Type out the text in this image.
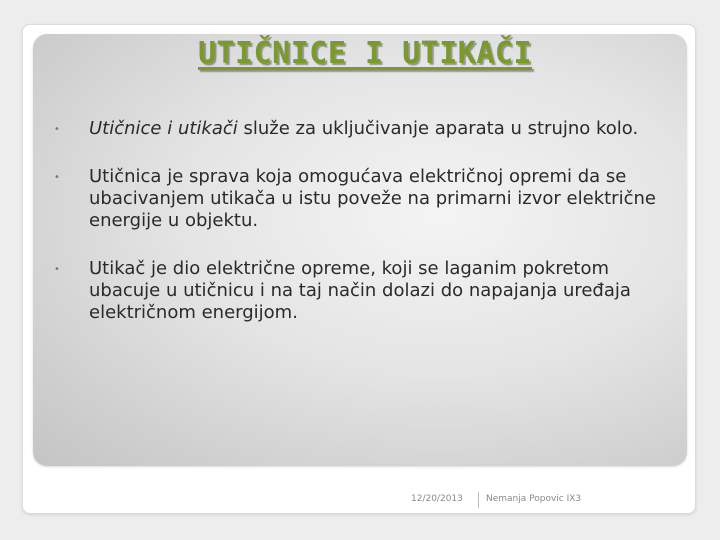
UTIČNICE I UTIKAČI
• Utičnice i utikači služe za uključivanje aparata u strujno kolo.
• Utičnica je sprava koja omogućava električnoj opremi da se ubacivanjem utikača u istu poveže na primarni izvor električne energije u objektu.
• Utikač je dio električne opreme, koji se laganim pokretom ubacuje u utičnicu i na taj način dolazi do napajanja uređaja električnom energijom.
12/20/2013	Nemanja Popovic IX3
